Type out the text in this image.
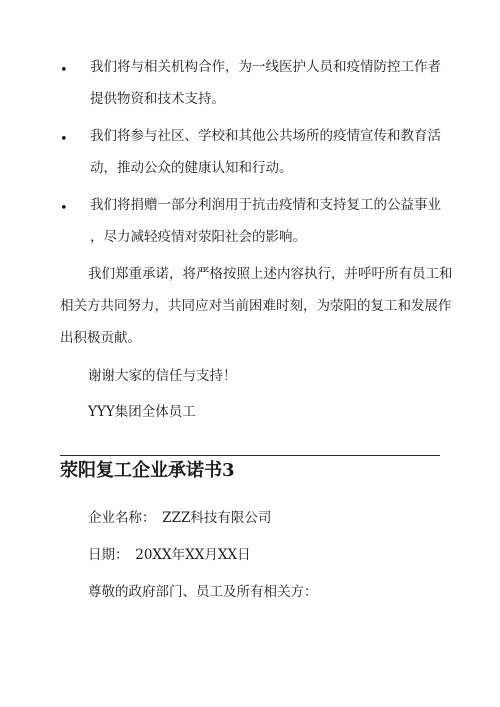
• 我们将与相关机构合作，为一线医护人员和疫情防控工作者
提供物资和技术支持。
• 我们将参与社区、学校和其他公共场所的疫情宣传和教育活
动，推动公众的健康认知和行动。
• 我们将捐赠一部分利润用于抗击疫情和支持复工的公益事业
，尽力减轻疫情对荥阳社会的影响。
我们郑重承诺，将严格按照上述内容执行，并呼吁所有员工和
相关方共同努力，共同应对当前困难时刻，为荥阳的复工和发展作
出积极贡献。
谢谢大家的信任与支持！
YYY集团全体员工
荥阳复工企业承诺书3
企业名称：　ZZZ科技有限公司
日期：　20XX年XX月XX日
尊敬的政府部门、员工及所有相关方：
